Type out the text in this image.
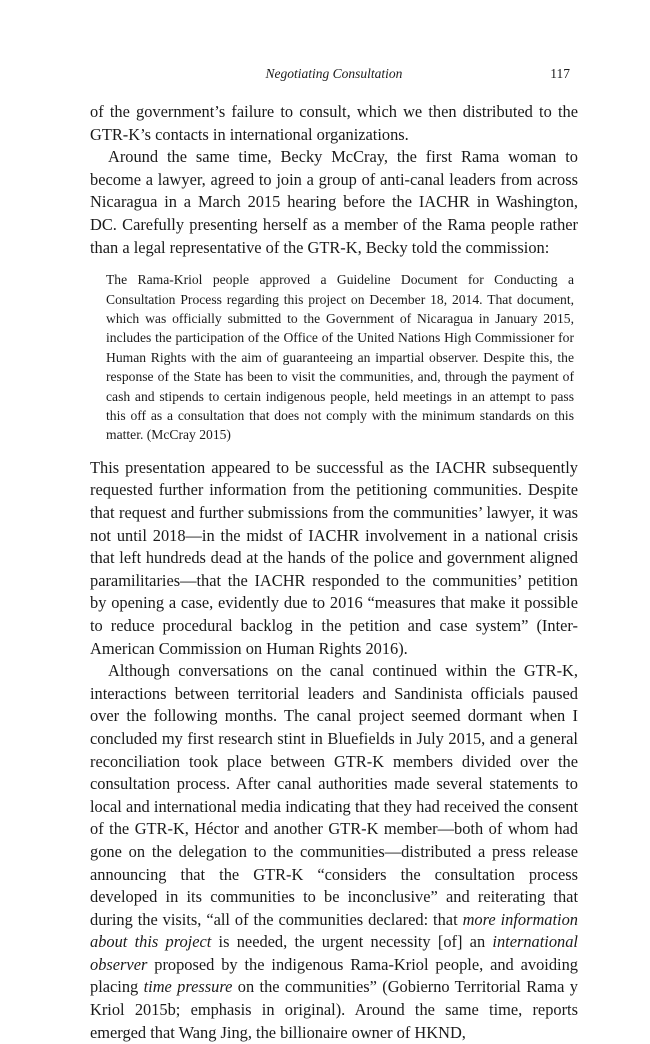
Negotiating Consultation	117

of the government’s failure to consult, which we then distributed to the GTR-K’s contacts in international organizations.

Around the same time, Becky McCray, the first Rama woman to become a lawyer, agreed to join a group of anti-canal leaders from across Nicaragua in a March 2015 hearing before the IACHR in Washington, DC. Carefully presenting herself as a member of the Rama people rather than a legal representative of the GTR-K, Becky told the commission:

The Rama-Kriol people approved a Guideline Document for Conducting a Consultation Process regarding this project on December 18, 2014. That document, which was officially submitted to the Government of Nicaragua in January 2015, includes the participation of the Office of the United Nations High Commissioner for Human Rights with the aim of guaranteeing an impartial observer. Despite this, the response of the State has been to visit the communities, and, through the payment of cash and stipends to certain indigenous people, held meetings in an attempt to pass this off as a consultation that does not comply with the minimum standards on this matter. (McCray 2015)

This presentation appeared to be successful as the IACHR subsequently requested further information from the petitioning communities. Despite that request and further submissions from the communities’ lawyer, it was not until 2018—in the midst of IACHR involvement in a national crisis that left hundreds dead at the hands of the police and government aligned paramilitaries—that the IACHR responded to the communities’ petition by opening a case, evidently due to 2016 “measures that make it possible to reduce procedural backlog in the petition and case system” (Inter-American Commission on Human Rights 2016).

Although conversations on the canal continued within the GTR-K, interactions between territorial leaders and Sandinista officials paused over the following months. The canal project seemed dormant when I concluded my first research stint in Bluefields in July 2015, and a general reconciliation took place between GTR-K members divided over the consultation process. After canal authorities made several statements to local and international media indicating that they had received the consent of the GTR-K, Héctor and another GTR-K member—both of whom had gone on the delegation to the communities—distributed a press release announcing that the GTR-K “considers the consultation process developed in its communities to be inconclusive” and reiterating that during the visits, “all of the communities declared: that more information about this project is needed, the urgent necessity [of] an international observer proposed by the indigenous Rama-Kriol people, and avoiding placing time pressure on the communities” (Gobierno Territorial Rama y Kriol 2015b; emphasis in original). Around the same time, reports emerged that Wang Jing, the billionaire owner of HKND,
